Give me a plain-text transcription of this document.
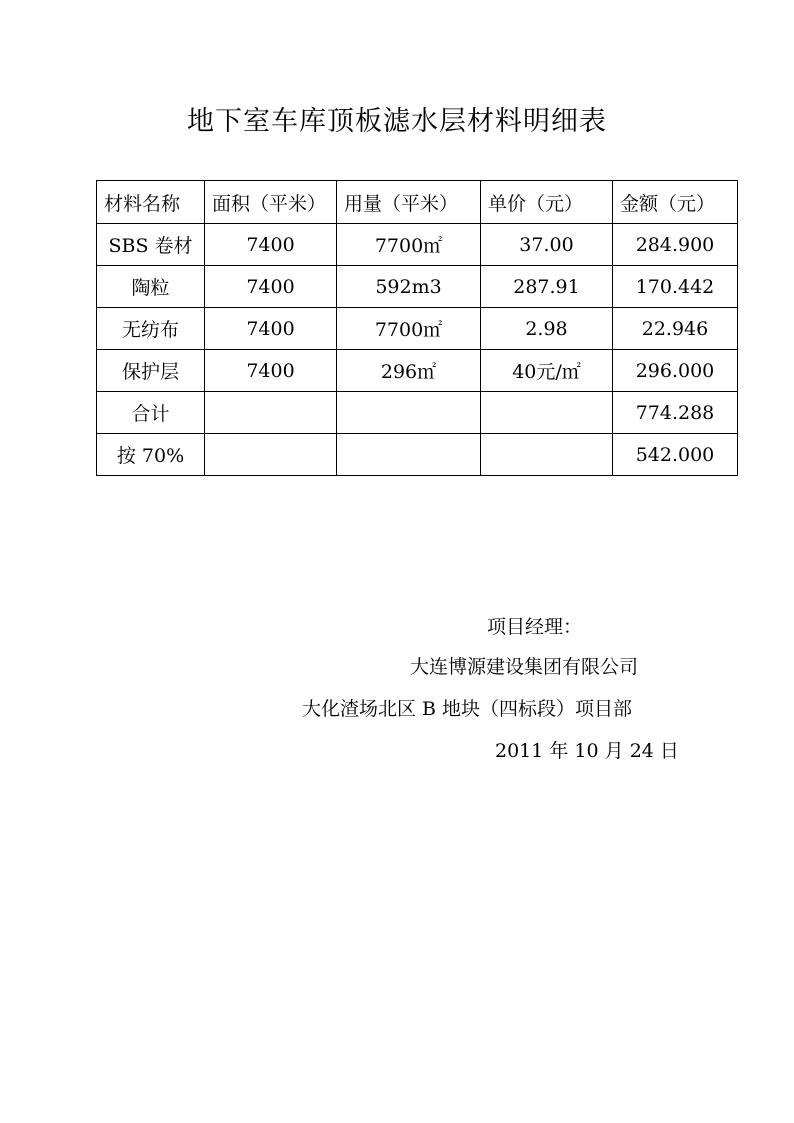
地下室车库顶板滤水层材料明细表
材料名称	面积（平米）	用量（平米）	单价（元）	金额（元）
SBS 卷材	7400	7700㎡	37.00	284.900
陶粒	7400	592m3	287.91	170.442
无纺布	7400	7700㎡	2.98	22.946
保护层	7400	296㎡	40元/㎡	296.000
合计				774.288
按 70%				542.000
项目经理：
大连博源建设集团有限公司
大化渣场北区 B 地块（四标段）项目部
2011 年 10 月 24 日
